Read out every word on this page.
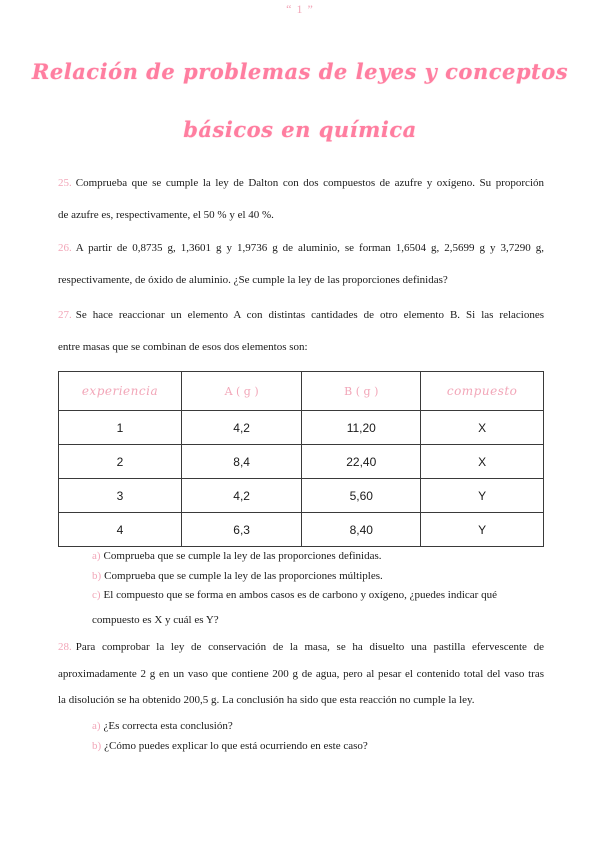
“ 1 ”
Relación de problemas de leyes y conceptos
básicos en química
25. Comprueba que se cumple la ley de Dalton con dos compuestos de azufre y oxígeno. Su proporción
de azufre es, respectivamente, el 50 % y el 40 %.
26. A partir de 0,8735 g, 1,3601 g y 1,9736 g de aluminio, se forman 1,6504 g, 2,5699 g y 3,7290 g,
respectivamente, de óxido de aluminio. ¿Se cumple la ley de las proporciones definidas?
27. Se hace reaccionar un elemento A con distintas cantidades de otro elemento B. Si las relaciones
entre masas que se combinan de esos dos elementos son:
experiencia	A ( g )	B ( g )	compuesto
1	4,2	11,20	X
2	8,4	22,40	X
3	4,2	5,60	Y
4	6,3	8,40	Y
a) Comprueba que se cumple la ley de las proporciones definidas.
b) Comprueba que se cumple la ley de las proporciones múltiples.
c) El compuesto que se forma en ambos casos es de carbono y oxígeno, ¿puedes indicar qué
compuesto es X y cuál es Y?
28. Para comprobar la ley de conservación de la masa, se ha disuelto una pastilla efervescente de
aproximadamente 2 g en un vaso que contiene 200 g de agua, pero al pesar el contenido total del vaso tras
la disolución se ha obtenido 200,5 g. La conclusión ha sido que esta reacción no cumple la ley.
a) ¿Es correcta esta conclusión?
b) ¿Cómo puedes explicar lo que está ocurriendo en este caso?
